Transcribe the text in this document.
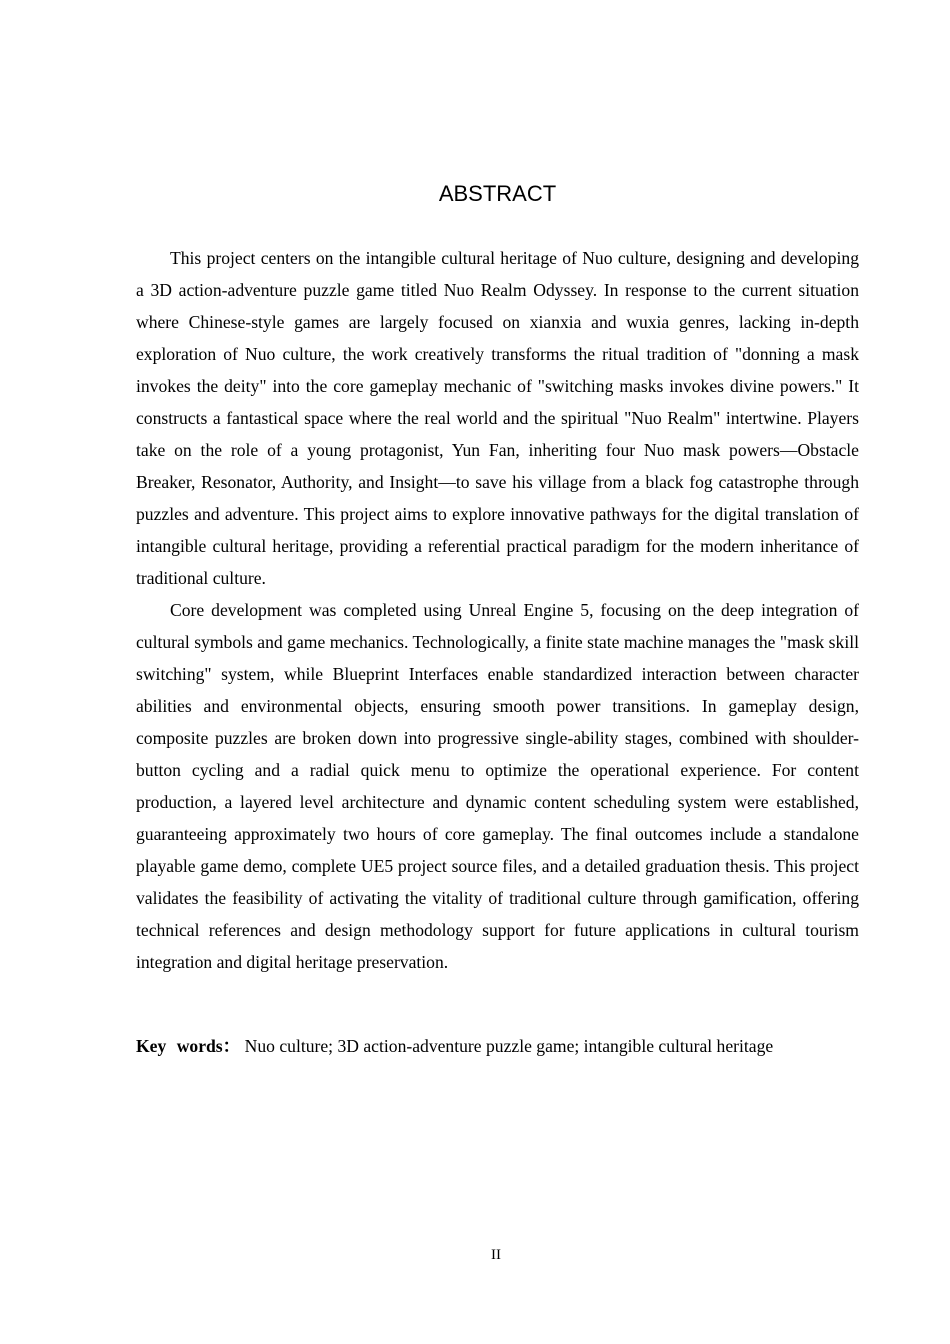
ABSTRACT

This project centers on the intangible cultural heritage of Nuo culture, designing and developing a 3D action-adventure puzzle game titled Nuo Realm Odyssey. In response to the current situation where Chinese-style games are largely focused on xianxia and wuxia genres, lacking in-depth exploration of Nuo culture, the work creatively transforms the ritual tradition of "donning a mask invokes the deity" into the core gameplay mechanic of "switching masks invokes divine powers." It constructs a fantastical space where the real world and the spiritual "Nuo Realm" intertwine. Players take on the role of a young protagonist, Yun Fan, inheriting four Nuo mask powers—Obstacle Breaker, Resonator, Authority, and Insight—to save his village from a black fog catastrophe through puzzles and adventure. This project aims to explore innovative pathways for the digital translation of intangible cultural heritage, providing a referential practical paradigm for the modern inheritance of traditional culture.

Core development was completed using Unreal Engine 5, focusing on the deep integration of cultural symbols and game mechanics. Technologically, a finite state machine manages the "mask skill switching" system, while Blueprint Interfaces enable standardized interaction between character abilities and environmental objects, ensuring smooth power transitions. In gameplay design, composite puzzles are broken down into progressive single-ability stages, combined with shoulder-button cycling and a radial quick menu to optimize the operational experience. For content production, a layered level architecture and dynamic content scheduling system were established, guaranteeing approximately two hours of core gameplay. The final outcomes include a standalone playable game demo, complete UE5 project source files, and a detailed graduation thesis. This project validates the feasibility of activating the vitality of traditional culture through gamification, offering technical references and design methodology support for future applications in cultural tourism integration and digital heritage preservation.

Key words： Nuo culture; 3D action-adventure puzzle game; intangible cultural heritage

II
